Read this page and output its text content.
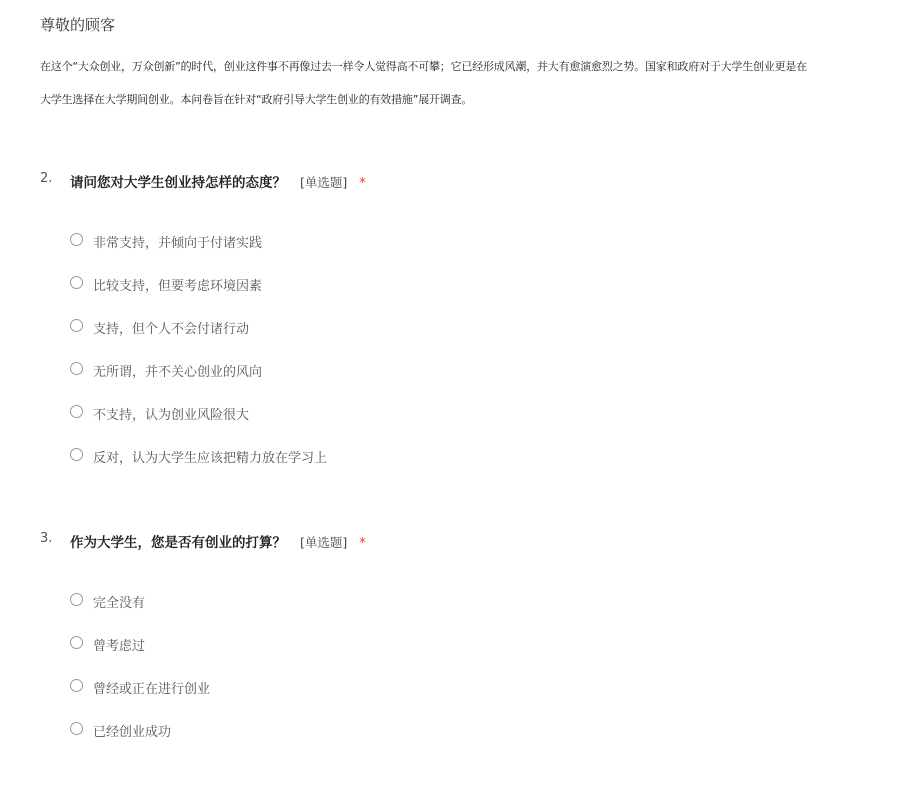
尊敬的顾客
在这个“大众创业，万众创新”的时代，创业这件事不再像过去一样令人觉得高不可攀；它已经形成风潮，并大有愈演愈烈之势。国家和政府对于大学生创业更是在
大学生选择在大学期间创业。本问卷旨在针对“政府引导大学生创业的有效措施”展开调查。
2. 请问您对大学生创业持怎样的态度？ [单选题] *
非常支持，并倾向于付诸实践
比较支持，但要考虑环境因素
支持，但个人不会付诸行动
无所谓，并不关心创业的风向
不支持，认为创业风险很大
反对，认为大学生应该把精力放在学习上
3. 作为大学生，您是否有创业的打算？ [单选题] *
完全没有
曾考虑过
曾经或正在进行创业
已经创业成功
